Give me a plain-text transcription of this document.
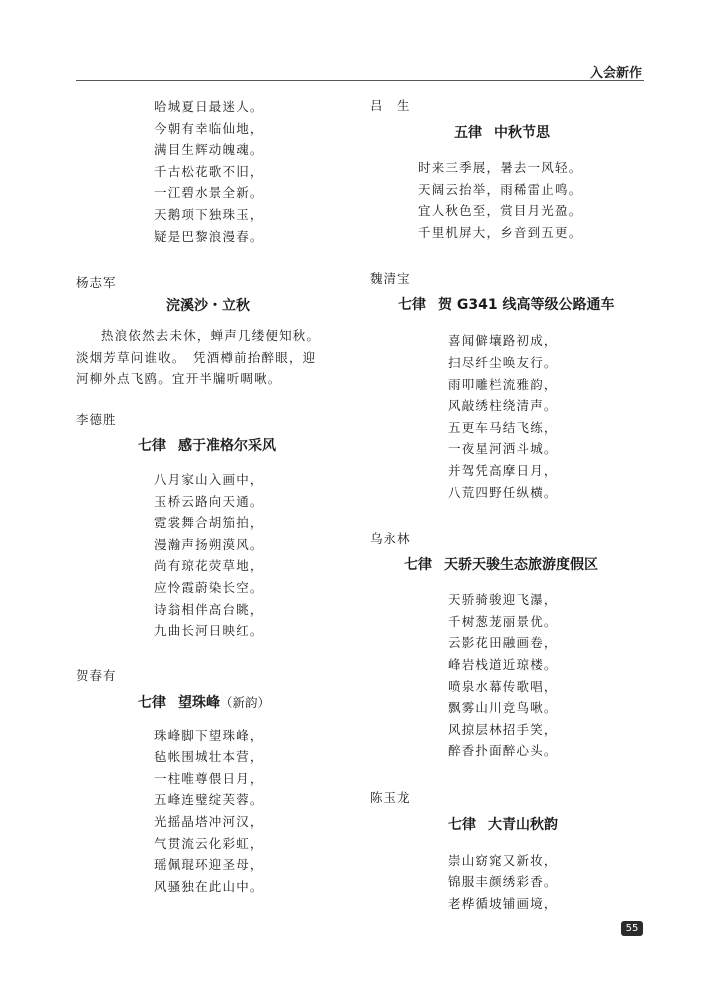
入会新作
哈城夏日最迷人。
今朝有幸临仙地，
满目生辉动魄魂。
千古松花歌不旧，
一江碧水景全新。
天鹅项下独珠玉，
疑是巴黎浪漫春。
杨志军
浣溪沙・立秋

热浪依然去未休，蝉声几缕便知秋。

淡烟芳草问谁收。　凭酒樽前抬醉眼，迎

河柳外点飞鸥。宜开半牖听啁啾。

李德胜
七律 感于准格尔采风
八月家山入画中，
玉桥云路向天通。
霓裳舞合胡笳拍，
漫瀚声扬朔漠风。
尚有琼花荧草地，
应怜霞蔚染长空。
诗翁相伴高台眺，
九曲长河日映红。
贺春有
七律 望珠峰（新韵）
珠峰脚下望珠峰，
毡帐围城壮本营，
一柱唯尊偎日月，
五峰连璧绽芙蓉。
光摇晶塔冲河汉，
气贯流云化彩虹，
瑶佩琨环迎圣母，
风骚独在此山中。
吕　生
五律 中秋节思
时来三季展，暑去一风轻。
天阔云抬举，雨稀雷止鸣。
宜人秋色至，赏目月光盈。
千里机屏大，乡音到五更。
魏清宝
七律 贺 G341 线高等级公路通车
喜闻僻壤路初成，
扫尽纤尘唤友行。
雨叩雕栏流雅韵，
风敲绣柱绕清声。
五更车马结飞练，
一夜星河洒斗城。
并驾凭高摩日月，
八荒四野任纵横。
乌永林
七律 天骄天骏生态旅游度假区
天骄骑骏迎飞瀑，
千树葱茏丽景优。
云影花田融画卷，
峰岩栈道近琼楼。
喷泉水幕传歌唱，
飘雾山川竞鸟啾。
风掠层林招手笑，
醉香扑面醉心头。
陈玉龙
七律 大青山秋韵
崇山窈窕又新妆，
锦服丰颜绣彩香。
老桦循坡铺画境，
55
